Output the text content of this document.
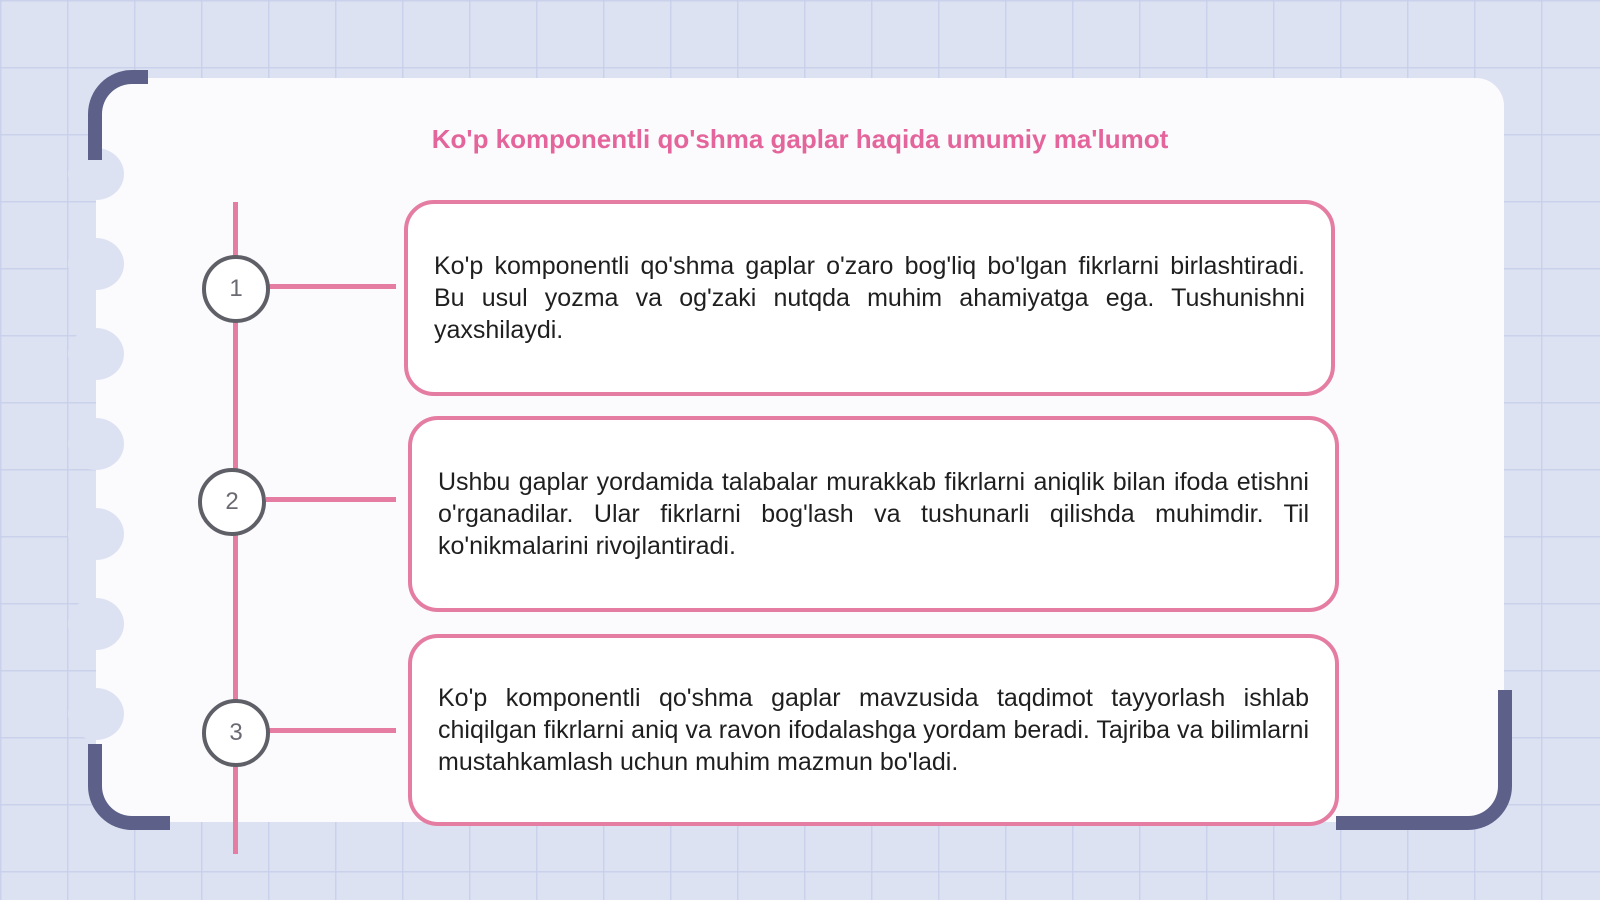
Ko'p komponentli qo'shma gaplar haqida umumiy ma'lumot
1
2
3

Ko'p komponentli qo'shma gaplar o'zaro bog'liq bo'lgan fikrlarni birlashtiradi. Bu usul yozma va og'zaki nutqda muhim ahamiyatga ega. Tushunishni yaxshilaydi.

Ushbu gaplar yordamida talabalar murakkab fikrlarni aniqlik bilan ifoda etishni o'rganadilar. Ular fikrlarni bog'lash va tushunarli qilishda muhimdir. Til ko'nikmalarini rivojlantiradi.

Ko'p komponentli qo'shma gaplar mavzusida taqdimot tayyorlash ishlab chiqilgan fikrlarni aniq va ravon ifodalashga yordam beradi. Tajriba va bilimlarni mustahkamlash uchun muhim mazmun bo'ladi.
